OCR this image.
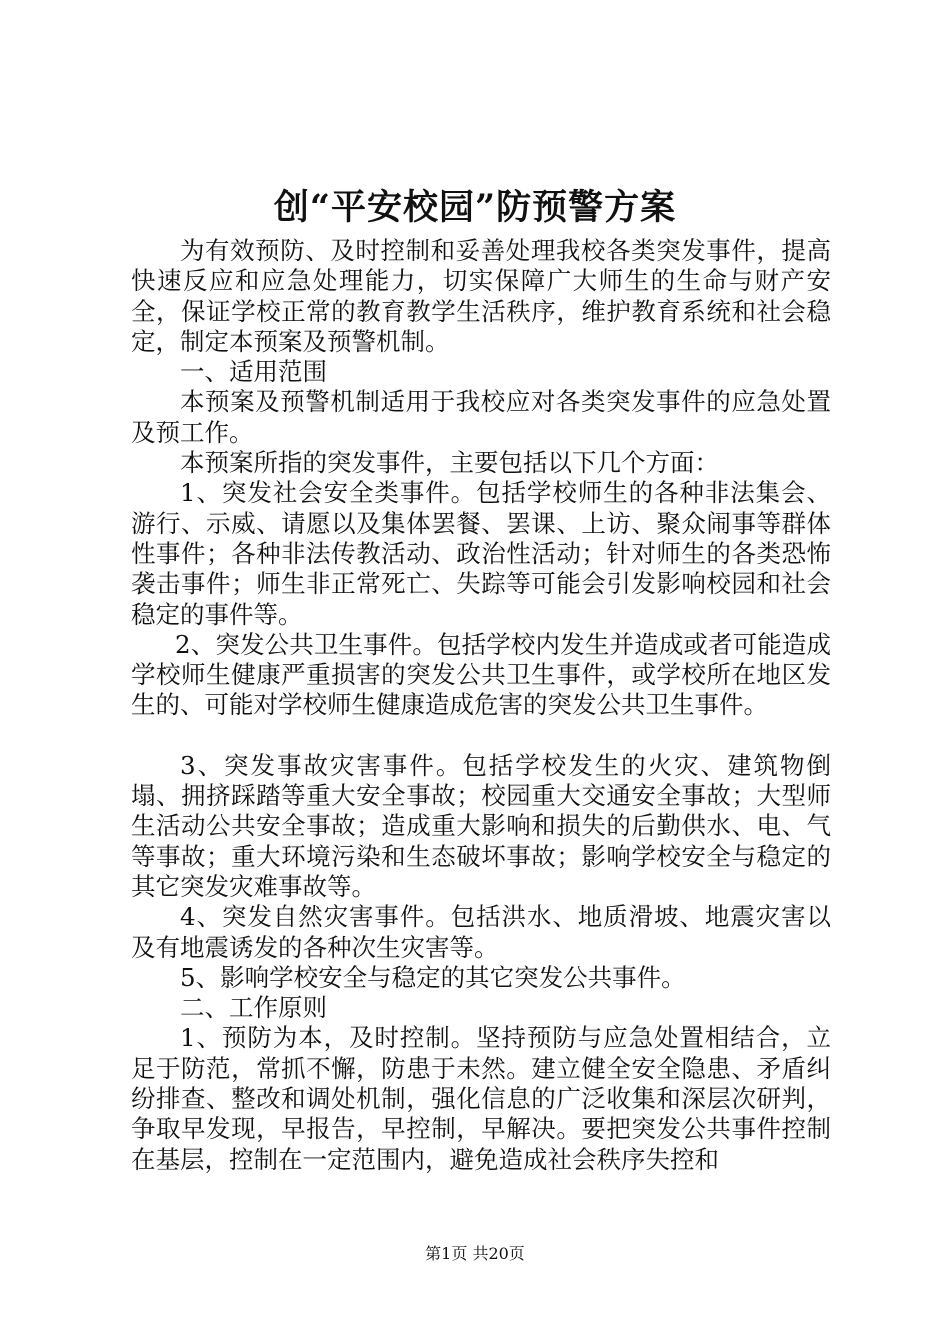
创“平安校园”防预警方案

为有效预防、及时控制和妥善处理我校各类突发事件，提高快速反应和应急处理能力，切实保障广大师生的生命与财产安全，保证学校正常的教育教学生活秩序，维护教育系统和社会稳定，制定本预案及预警机制。

一、适用范围

本预案及预警机制适用于我校应对各类突发事件的应急处置及预工作。

本预案所指的突发事件，主要包括以下几个方面：

1、突发社会安全类事件。包括学校师生的各种非法集会、游行、示威、请愿以及集体罢餐、罢课、上访、聚众闹事等群体性事件；各种非法传教活动、政治性活动；针对师生的各类恐怖袭击事件；师生非正常死亡、失踪等可能会引发影响校园和社会稳定的事件等。

2、突发公共卫生事件。包括学校内发生并造成或者可能造成学校师生健康严重损害的突发公共卫生事件，或学校所在地区发生的、可能对学校师生健康造成危害的突发公共卫生事件。

3、突发事故灾害事件。包括学校发生的火灾、建筑物倒塌、拥挤踩踏等重大安全事故；校园重大交通安全事故；大型师生活动公共安全事故；造成重大影响和损失的后勤供水、电、气等事故；重大环境污染和生态破坏事故；影响学校安全与稳定的其它突发灾难事故等。

4、突发自然灾害事件。包括洪水、地质滑坡、地震灾害以及有地震诱发的各种次生灾害等。

5、影响学校安全与稳定的其它突发公共事件。

二、工作原则

1、预防为本，及时控制。坚持预防与应急处置相结合，立足于防范，常抓不懈，防患于未然。建立健全安全隐患、矛盾纠纷排查、整改和调处机制，强化信息的广泛收集和深层次研判，争取早发现，早报告，早控制，早解决。要把突发公共事件控制在基层，控制在一定范围内，避免造成社会秩序失控和

第1页 共20页
